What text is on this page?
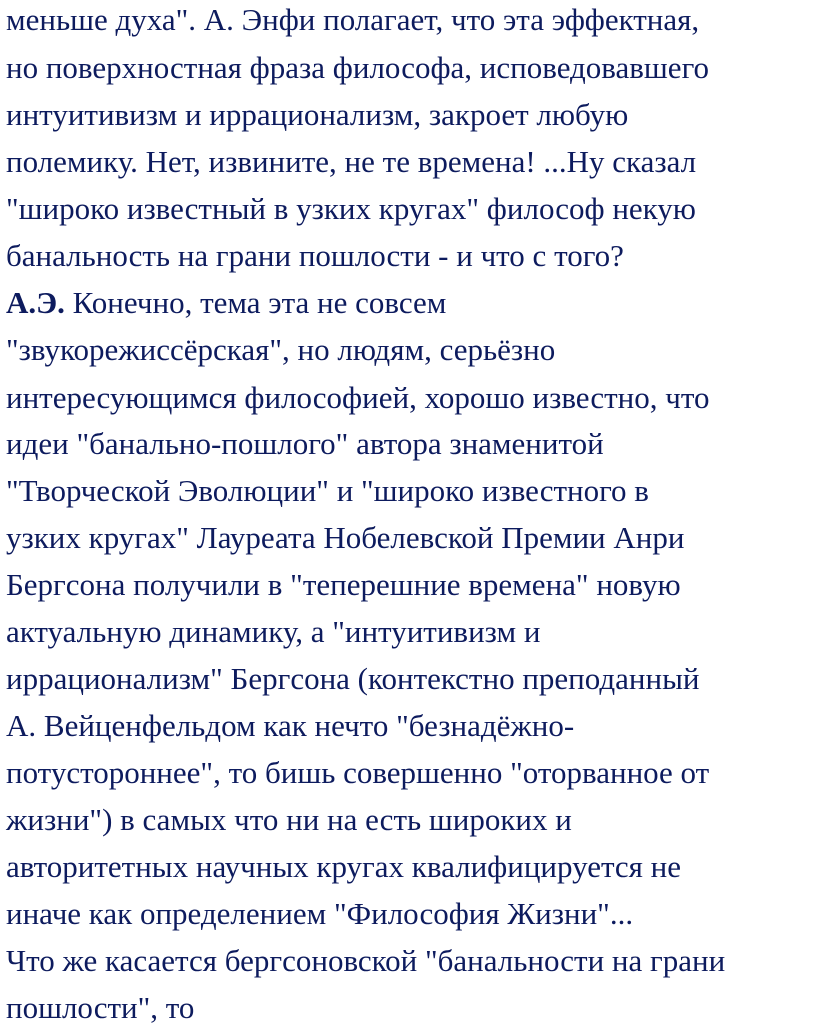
меньше духа". А. Энфи полагает, что эта эффектная,
но поверхностная фраза философа, исповедовавшего
интуитивизм и иррационализм, закроет любую
полемику. Нет, извините, не те времена! ...Ну сказал
"широко известный в узких кругах" философ некую
банальность на грани пошлости - и что с того?
А.Э. Конечно, тема эта не совсем
"звукорежиссёрская", но людям, серьёзно
интересующимся философией, хорошо известно, что
идеи "банально-пошлого" автора знаменитой
"Творческой Эволюции" и "широко известного в
узких кругах" Лауреата Нобелевской Премии Анри
Бергсона получили в "теперешние времена" новую
актуальную динамику, а "интуитивизм и
иррационализм" Бергсона (контекстно преподанный
А. Вейценфельдом как нечто "безнадёжно-
потустороннее", то бишь совершенно "оторванное от
жизни") в самых что ни на есть широких и
авторитетных научных кругах квалифицируется не
иначе как определением "Философия Жизни"...
Что же касается бергсоновской "банальности на грани
пошлости", то
